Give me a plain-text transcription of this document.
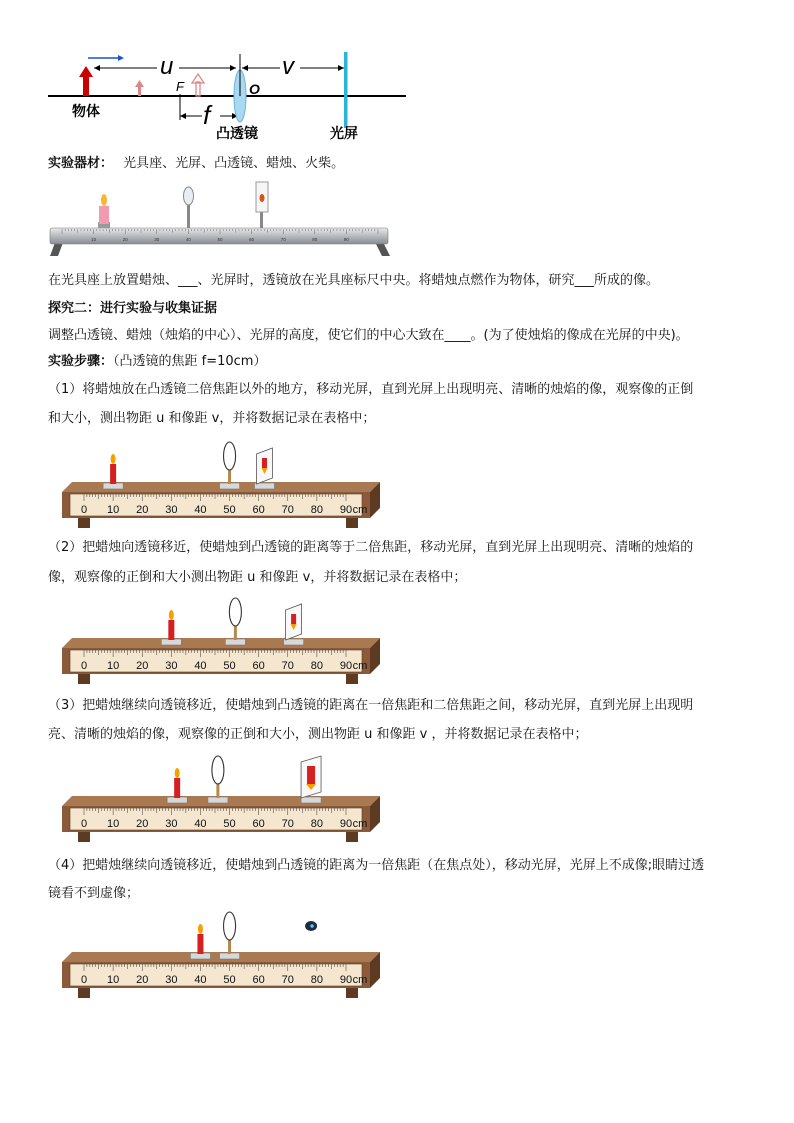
u
F
f
O
v
物体
凸透镜	光屏
实验器材： 光具座、光屏、凸透镜、蜡烛、火柴。
10	20	30	40	50	60	70	80	90
在光具座上放置蜡烛、___、光屏时，透镜放在光具座标尺中央。将蜡烛点燃作为物体，研究___所成的像。
探究二：进行实验与收集证据
调整凸透镜、蜡烛（烛焰的中心）、光屏的高度，使它们的中心大致在____。(为了使烛焰的像成在光屏的中央)。
实验步骤：（凸透镜的焦距 f=10cm）
（1）将蜡烛放在凸透镜二倍焦距以外的地方，移动光屏，直到光屏上出现明亮、清晰的烛焰的像，观察像的正倒
和大小，测出物距 u 和像距 v，并将数据记录在表格中；
0 10 20 30 40 50 60 70 80 90 cm
（2）把蜡烛向透镜移近，使蜡烛到凸透镜的距离等于二倍焦距，移动光屏，直到光屏上出现明亮、清晰的烛焰的
像，观察像的正倒和大小测出物距 u 和像距 v，并将数据记录在表格中；
0 10 20 30 40 50 60 70 80 90 cm
（3）把蜡烛继续向透镜移近，使蜡烛到凸透镜的距离在一倍焦距和二倍焦距之间，移动光屏，直到光屏上出现明
亮、清晰的烛焰的像，观察像的正倒和大小，测出物距 u 和像距 v ，并将数据记录在表格中；
0 10 20 30 40 50 60 70 80 90 cm
（4）把蜡烛继续向透镜移近，使蜡烛到凸透镜的距离为一倍焦距（在焦点处），移动光屏，光屏上不成像;眼睛过透
镜看不到虚像；
0 10 20 30 40 50 60 70 80 90 cm
